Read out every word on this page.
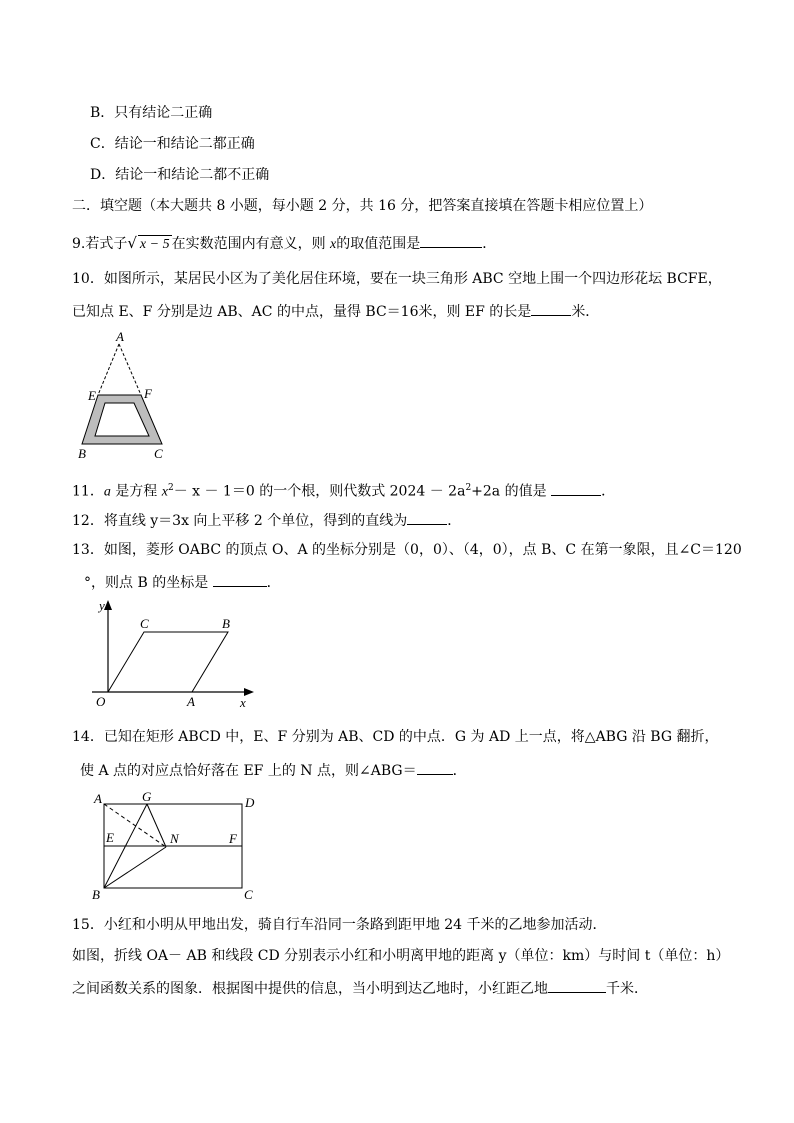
B．只有结论二正确
C．结论一和结论二都正确
D．结论一和结论二都不正确
二．填空题（本大题共 8 小题，每小题 2 分，共 16 分，把答案直接填在答题卡相应位置上）
9.若式子√ x − 5 在实数范围内有意义，则 x的取值范围是	．
10．如图所示，某居民小区为了美化居住环境，要在一块三角形 ABC 空地上围一个四边形花坛 BCFE，
已知点 E、F 分别是边 AB、AC 的中点，量得 BC＝16米，则 EF 的长是	米．
A
E	F
B	C
11．a 是方程 $x^2- x - 1=0$ 的一个根，则代数式 $2024 - 2a^2+2a$ 的值是	．
12．将直线 y＝3x 向上平移 2 个单位，得到的直线为	．
13．如图，菱形 OABC 的顶点 O、A 的坐标分别是（0，0）、（4，0），点 B、C 在第一象限，且∠C＝120
°，则点 B 的坐标是	．
y
x
O	A
B
C
14．已知在矩形 ABCD 中，E、F 分别为 AB、CD 的中点．G 为 AD 上一点，将△ABG 沿 BG 翻折，
使 A 点的对应点恰好落在 EF 上的 N 点，则∠ABG＝	．
A	G	D
E	N	F
B	C
15．小红和小明从甲地出发，骑自行车沿同一条路到距甲地 24 千米的乙地参加活动．
如图，折线 OA－ AB 和线段 CD 分别表示小红和小明离甲地的距离 y（单位：km）与时间 t（单位：h）
之间函数关系的图象．根据图中提供的信息，当小明到达乙地时，小红距乙地	千米．
